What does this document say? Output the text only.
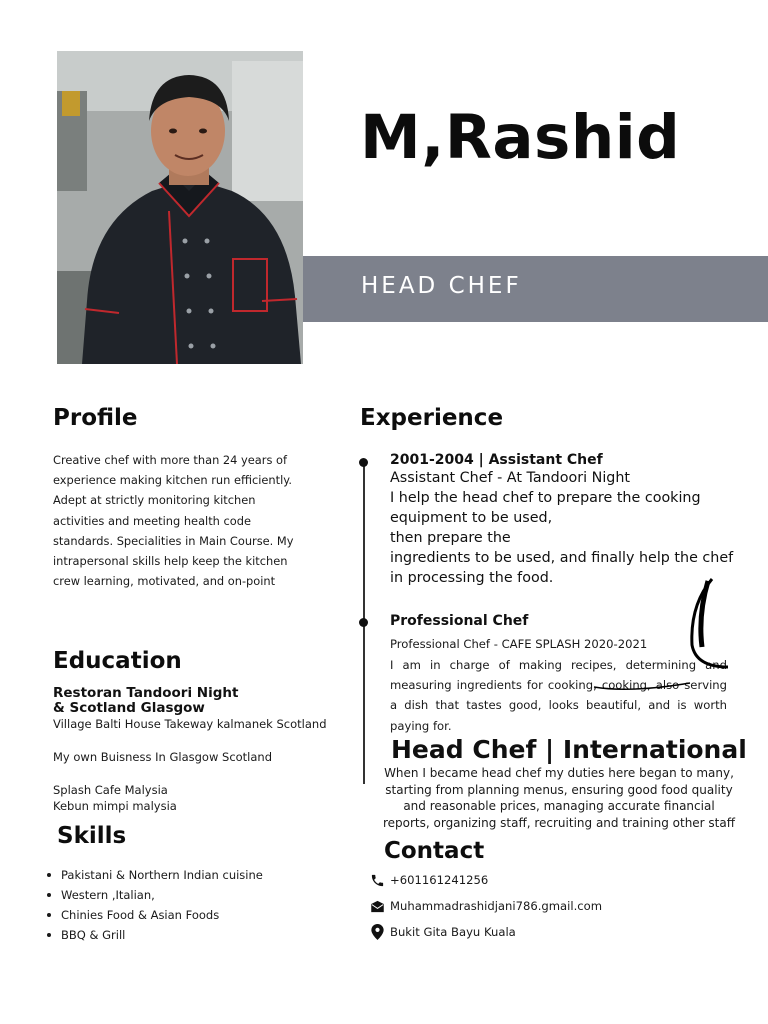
M,Rashid
HEAD CHEF
Profile
Creative chef with more than 24 years of experience making kitchen run efficiently. Adept at strictly monitoring kitchen activities and meeting health code standards. Specialities in Main Course. My intrapersonal skills help keep the kitchen crew learning, motivated, and on-point
Education
Restoran Tandoori Night
& Scotland Glasgow
Village Balti House Takeway kalmanek Scotland
My own Buisness In Glasgow Scotland
Splash Cafe Malysia
Kebun mimpi malysia
Skills
Pakistani & Northern Indian cuisine
Western ,Italian,
Chinies Food & Asian Foods
BBQ & Grill
Experience
2001-2004 | Assistant Chef
Assistant Chef - At Tandoori Night
I help the head chef to prepare the cooking equipment to be used,
then prepare the
ingredients to be used, and finally help the chef in processing the food.
Professional Chef
Professional Chef - CAFE SPLASH 2020-2021
I am in charge of making recipes, determining and measuring ingredients for cooking, cooking, also serving a dish that tastes good, looks beautiful, and is worth paying for.
Head Chef | International
When I became head chef my duties here began to many, starting from planning menus, ensuring good food quality and reasonable prices, managing accurate financial reports, organizing staff, recruiting and training other staff
Contact
+601161241256
Muhammadrashidjani786.gmail.com
Bukit Gita Bayu Kuala
